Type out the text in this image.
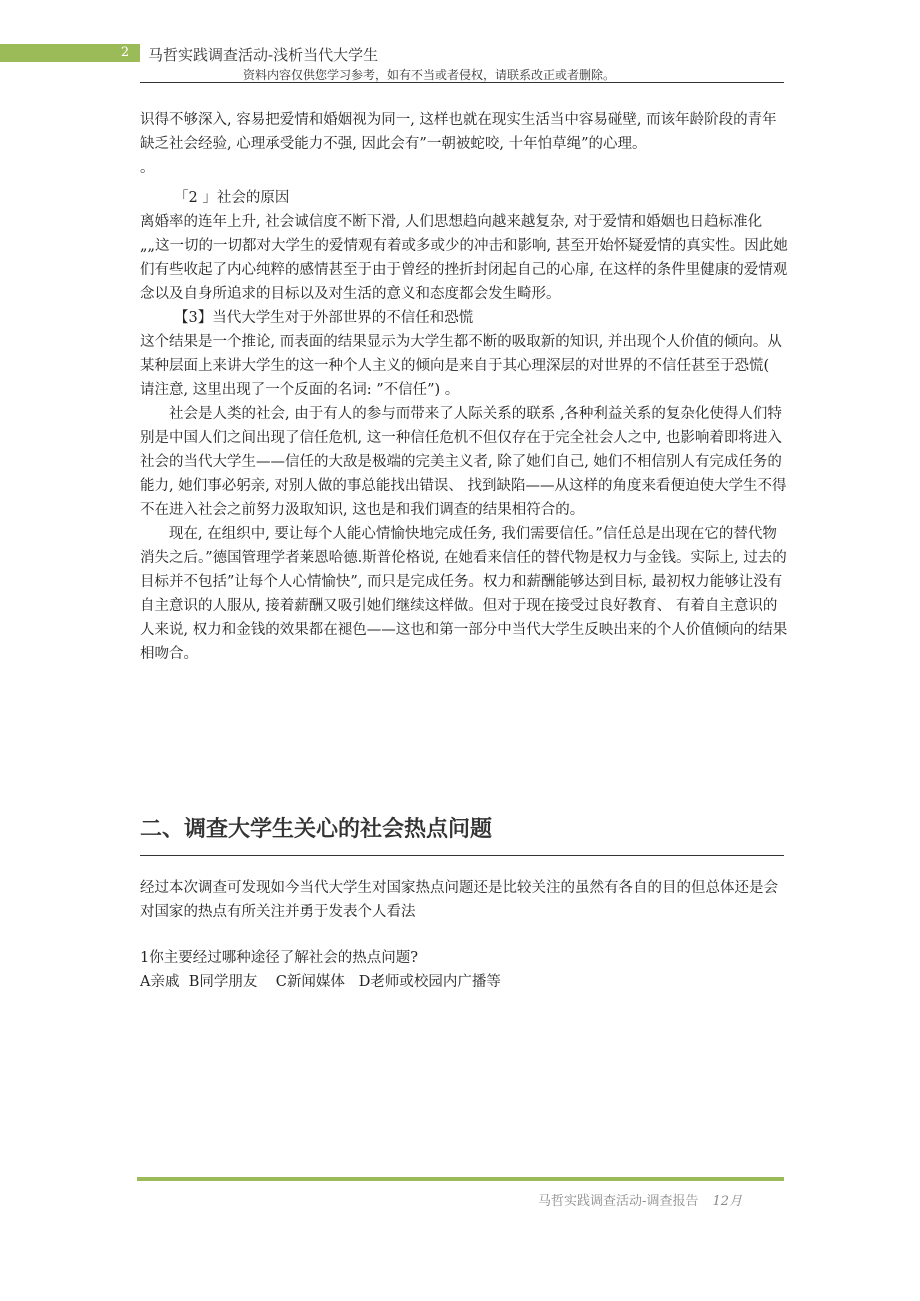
2	马哲实践调查活动-浅析当代大学生
资料内容仅供您学习参考，如有不当或者侵权，请联系改正或者删除。

识得不够深入, 容易把爱情和婚姻视为同一, 这样也就在现实生活当中容易碰壁, 而该年龄阶段的青年缺乏社会经验, 心理承受能力不强, 因此会有”一朝被蛇咬, 十年怕草绳”的心理。

。

「2 」社会的原因

离婚率的连年上升, 社会诚信度不断下滑, 人们思想趋向越来越复杂, 对于爱情和婚姻也日趋标准化„„这一切的一切都对大学生的爱情观有着或多或少的冲击和影响, 甚至开始怀疑爱情的真实性。因此她们有些收起了内心纯粹的感情甚至于由于曾经的挫折封闭起自己的心扉, 在这样的条件里健康的爱情观念以及自身所追求的目标以及对生活的意义和态度都会发生畸形。

【3】当代大学生对于外部世界的不信任和恐慌

这个结果是一个推论, 而表面的结果显示为大学生都不断的吸取新的知识, 并出现个人价值的倾向。从某种层面上来讲大学生的这一种个人主义的倾向是来自于其心理深层的对世界的不信任甚至于恐慌( 请注意, 这里出现了一个反面的名词: ”不信任”) 。

社会是人类的社会, 由于有人的参与而带来了人际关系的联系 ,各种利益关系的复杂化使得人们特别是中国人们之间出现了信任危机, 这一种信任危机不但仅存在于完全社会人之中, 也影响着即将进入社会的当代大学生——信任的大敌是极端的完美主义者, 除了她们自己, 她们不相信别人有完成任务的能力, 她们事必躬亲, 对别人做的事总能找出错误、 找到缺陷——从这样的角度来看便迫使大学生不得不在进入社会之前努力汲取知识, 这也是和我们调查的结果相符合的。

现在, 在组织中, 要让每个人能心情愉快地完成任务, 我们需要信任。”信任总是出现在它的替代物消失之后。”德国管理学者莱恩哈德.斯普伦格说, 在她看来信任的替代物是权力与金钱。实际上, 过去的目标并不包括”让每个人心情愉快”, 而只是完成任务。权力和薪酬能够达到目标, 最初权力能够让没有自主意识的人服从, 接着薪酬又吸引她们继续这样做。但对于现在接受过良好教育、 有着自主意识的人来说, 权力和金钱的效果都在褪色——这也和第一部分中当代大学生反映出来的个人价值倾向的结果相吻合。

二、调查大学生关心的社会热点问题

经过本次调查可发现如今当代大学生对国家热点问题还是比较关注的虽然有各自的目的但总体还是会对国家的热点有所关注并勇于发表个人看法

1你主要经过哪种途径了解社会的热点问题?

A亲戚  B同学朋友    C新闻媒体   D老师或校园内广播等

马哲实践调查活动-调查报告 12月
